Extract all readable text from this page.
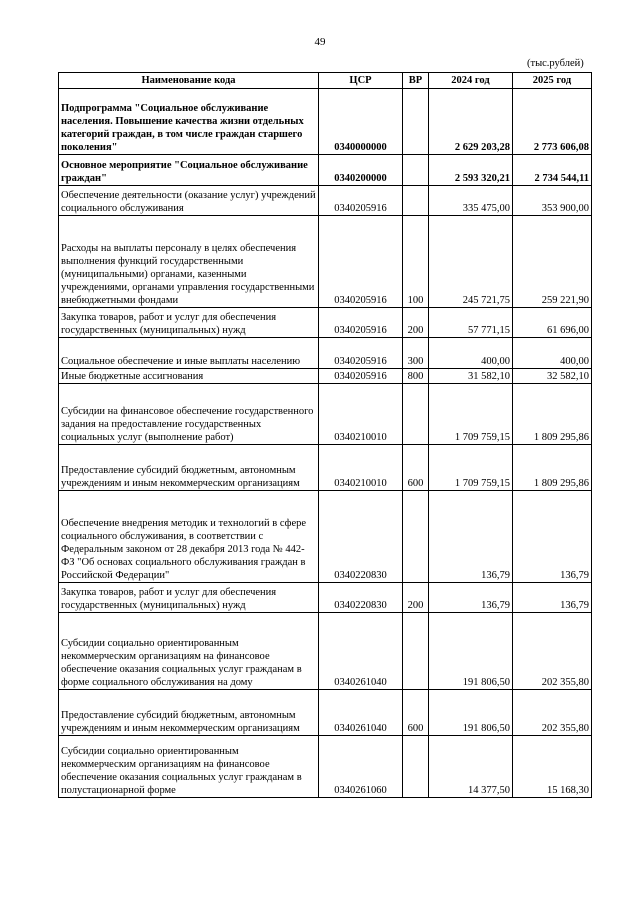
49
(тыс.рублей)
Наименование кода	ЦСР	ВР	2024 год	2025 год
Подпрограмма "Социальное обслуживание населения. Повышение качества жизни отдельных категорий граждан, в том числе граждан старшего поколения"	0340000000		2 629 203,28	2 773 606,08
Основное мероприятие "Социальное обслуживание граждан"	0340200000		2 593 320,21	2 734 544,11
Обеспечение деятельности (оказание услуг) учреждений социального обслуживания	0340205916		335 475,00	353 900,00
Расходы на выплаты персоналу в целях обеспечения выполнения функций государственными (муниципальными) органами, казенными учреждениями, органами управления государственными внебюджетными фондами	0340205916	100	245 721,75	259 221,90
Закупка товаров, работ и услуг для обеспечения государственных (муниципальных) нужд	0340205916	200	57 771,15	61 696,00
Социальное обеспечение и иные выплаты населению	0340205916	300	400,00	400,00
Иные бюджетные ассигнования	0340205916	800	31 582,10	32 582,10
Субсидии на финансовое обеспечение государственного задания на предоставление государственных социальных услуг (выполнение работ)	0340210010		1 709 759,15	1 809 295,86
Предоставление субсидий бюджетным, автономным учреждениям и иным некоммерческим организациям	0340210010	600	1 709 759,15	1 809 295,86
Обеспечение внедрения методик и технологий в сфере социального обслуживания, в соответствии с Федеральным законом от 28 декабря 2013 года № 442-ФЗ "Об основах социального обслуживания граждан в Российской Федерации"	0340220830		136,79	136,79
Закупка товаров, работ и услуг для обеспечения государственных (муниципальных) нужд	0340220830	200	136,79	136,79
Субсидии социально ориентированным некоммерческим организациям на финансовое обеспечение оказания социальных услуг гражданам в форме социального обслуживания на дому	0340261040		191 806,50	202 355,80
Предоставление субсидий бюджетным, автономным учреждениям и иным некоммерческим организациям	0340261040	600	191 806,50	202 355,80
Субсидии социально ориентированным некоммерческим организациям на финансовое обеспечение оказания социальных услуг гражданам в полустационарной форме	0340261060		14 377,50	15 168,30
